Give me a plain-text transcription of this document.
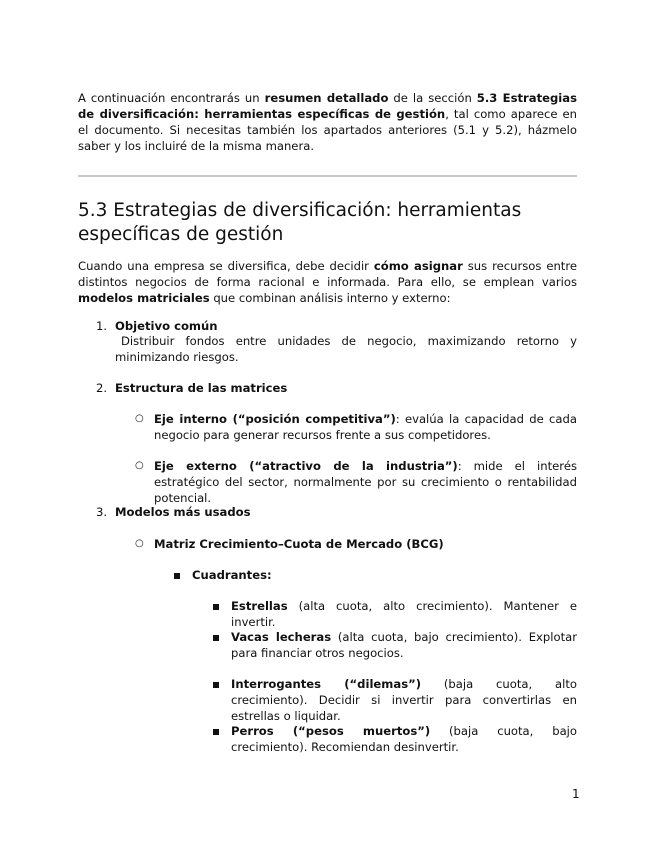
A continuación encontrarás un resumen detallado de la sección 5.3 Estrategias de diversificación: herramientas específicas de gestión, tal como aparece en el documento. Si necesitas también los apartados anteriores (5.1 y 5.2), házmelo saber y los incluiré de la misma manera.

5.3 Estrategias de diversificación: herramientas específicas de gestión

Cuando una empresa se diversifica, debe decidir cómo asignar sus recursos entre distintos negocios de forma racional e informada. Para ello, se emplean varios modelos matriciales que combinan análisis interno y externo:

1. Objetivo común

Distribuir fondos entre unidades de negocio, maximizando retorno y minimizando riesgos.

2. Estructura de las matrices
○ Eje interno (“posición competitiva”): evalúa la capacidad de cada negocio para generar recursos frente a sus competidores.

○ Eje externo (“atractivo de la industria”): mide el interés estratégico del sector, normalmente por su crecimiento o rentabilidad potencial.

3. Modelos más usados
○ Matriz Crecimiento–Cuota de Mercado (BCG)
Cuadrantes:

Estrellas (alta cuota, alto crecimiento). Mantener e invertir.

Vacas lecheras (alta cuota, bajo crecimiento). Explotar para financiar otros negocios.

Interrogantes (“dilemas”) (baja cuota, alto crecimiento). Decidir si invertir para convertirlas en estrellas o liquidar.

Perros (“pesos muertos”) (baja cuota, bajo crecimiento). Recomiendan desinvertir.

1
